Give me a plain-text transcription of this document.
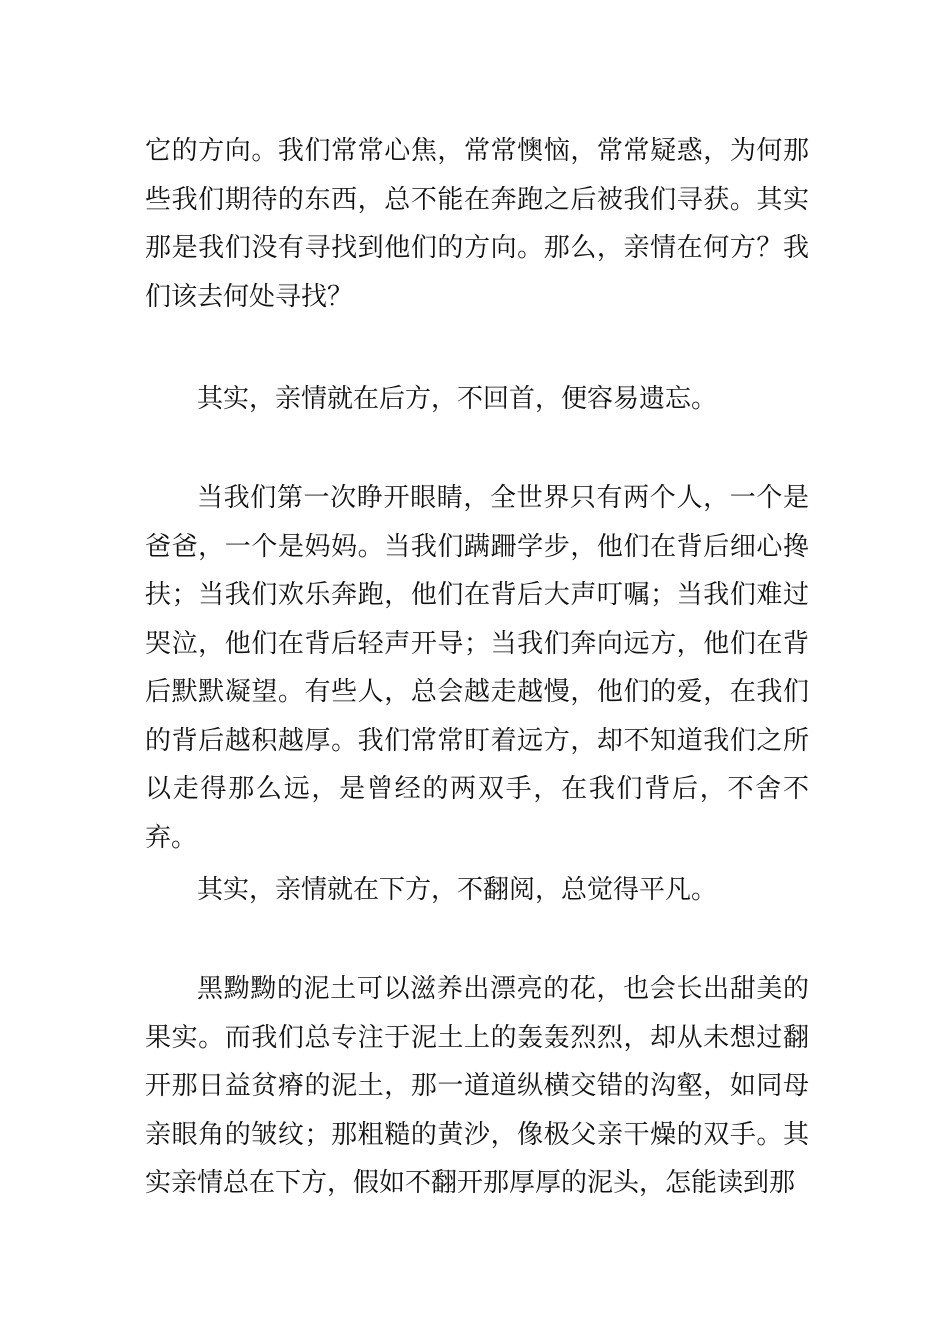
它的方向。我们常常心焦，常常懊恼，常常疑惑，为何那些我们期待的东西，总不能在奔跑之后被我们寻获。其实那是我们没有寻找到他们的方向。那么，亲情在何方？我们该去何处寻找？

其实，亲情就在后方，不回首，便容易遗忘。

当我们第一次睁开眼睛，全世界只有两个人，一个是爸爸，一个是妈妈。当我们蹒跚学步，他们在背后细心搀扶；当我们欢乐奔跑，他们在背后大声叮嘱；当我们难过哭泣，他们在背后轻声开导；当我们奔向远方，他们在背后默默凝望。有些人，总会越走越慢，他们的爱，在我们的背后越积越厚。我们常常盯着远方，却不知道我们之所以走得那么远，是曾经的两双手，在我们背后，不舍不弃。

其实，亲情就在下方，不翻阅，总觉得平凡。

黑黝黝的泥土可以滋养出漂亮的花，也会长出甜美的果实。而我们总专注于泥土上的轰轰烈烈，却从未想过翻开那日益贫瘠的泥土，那一道道纵横交错的沟壑，如同母亲眼角的皱纹；那粗糙的黄沙，像极父亲干燥的双手。其实亲情总在下方，假如不翻开那厚厚的泥头，怎能读到那
